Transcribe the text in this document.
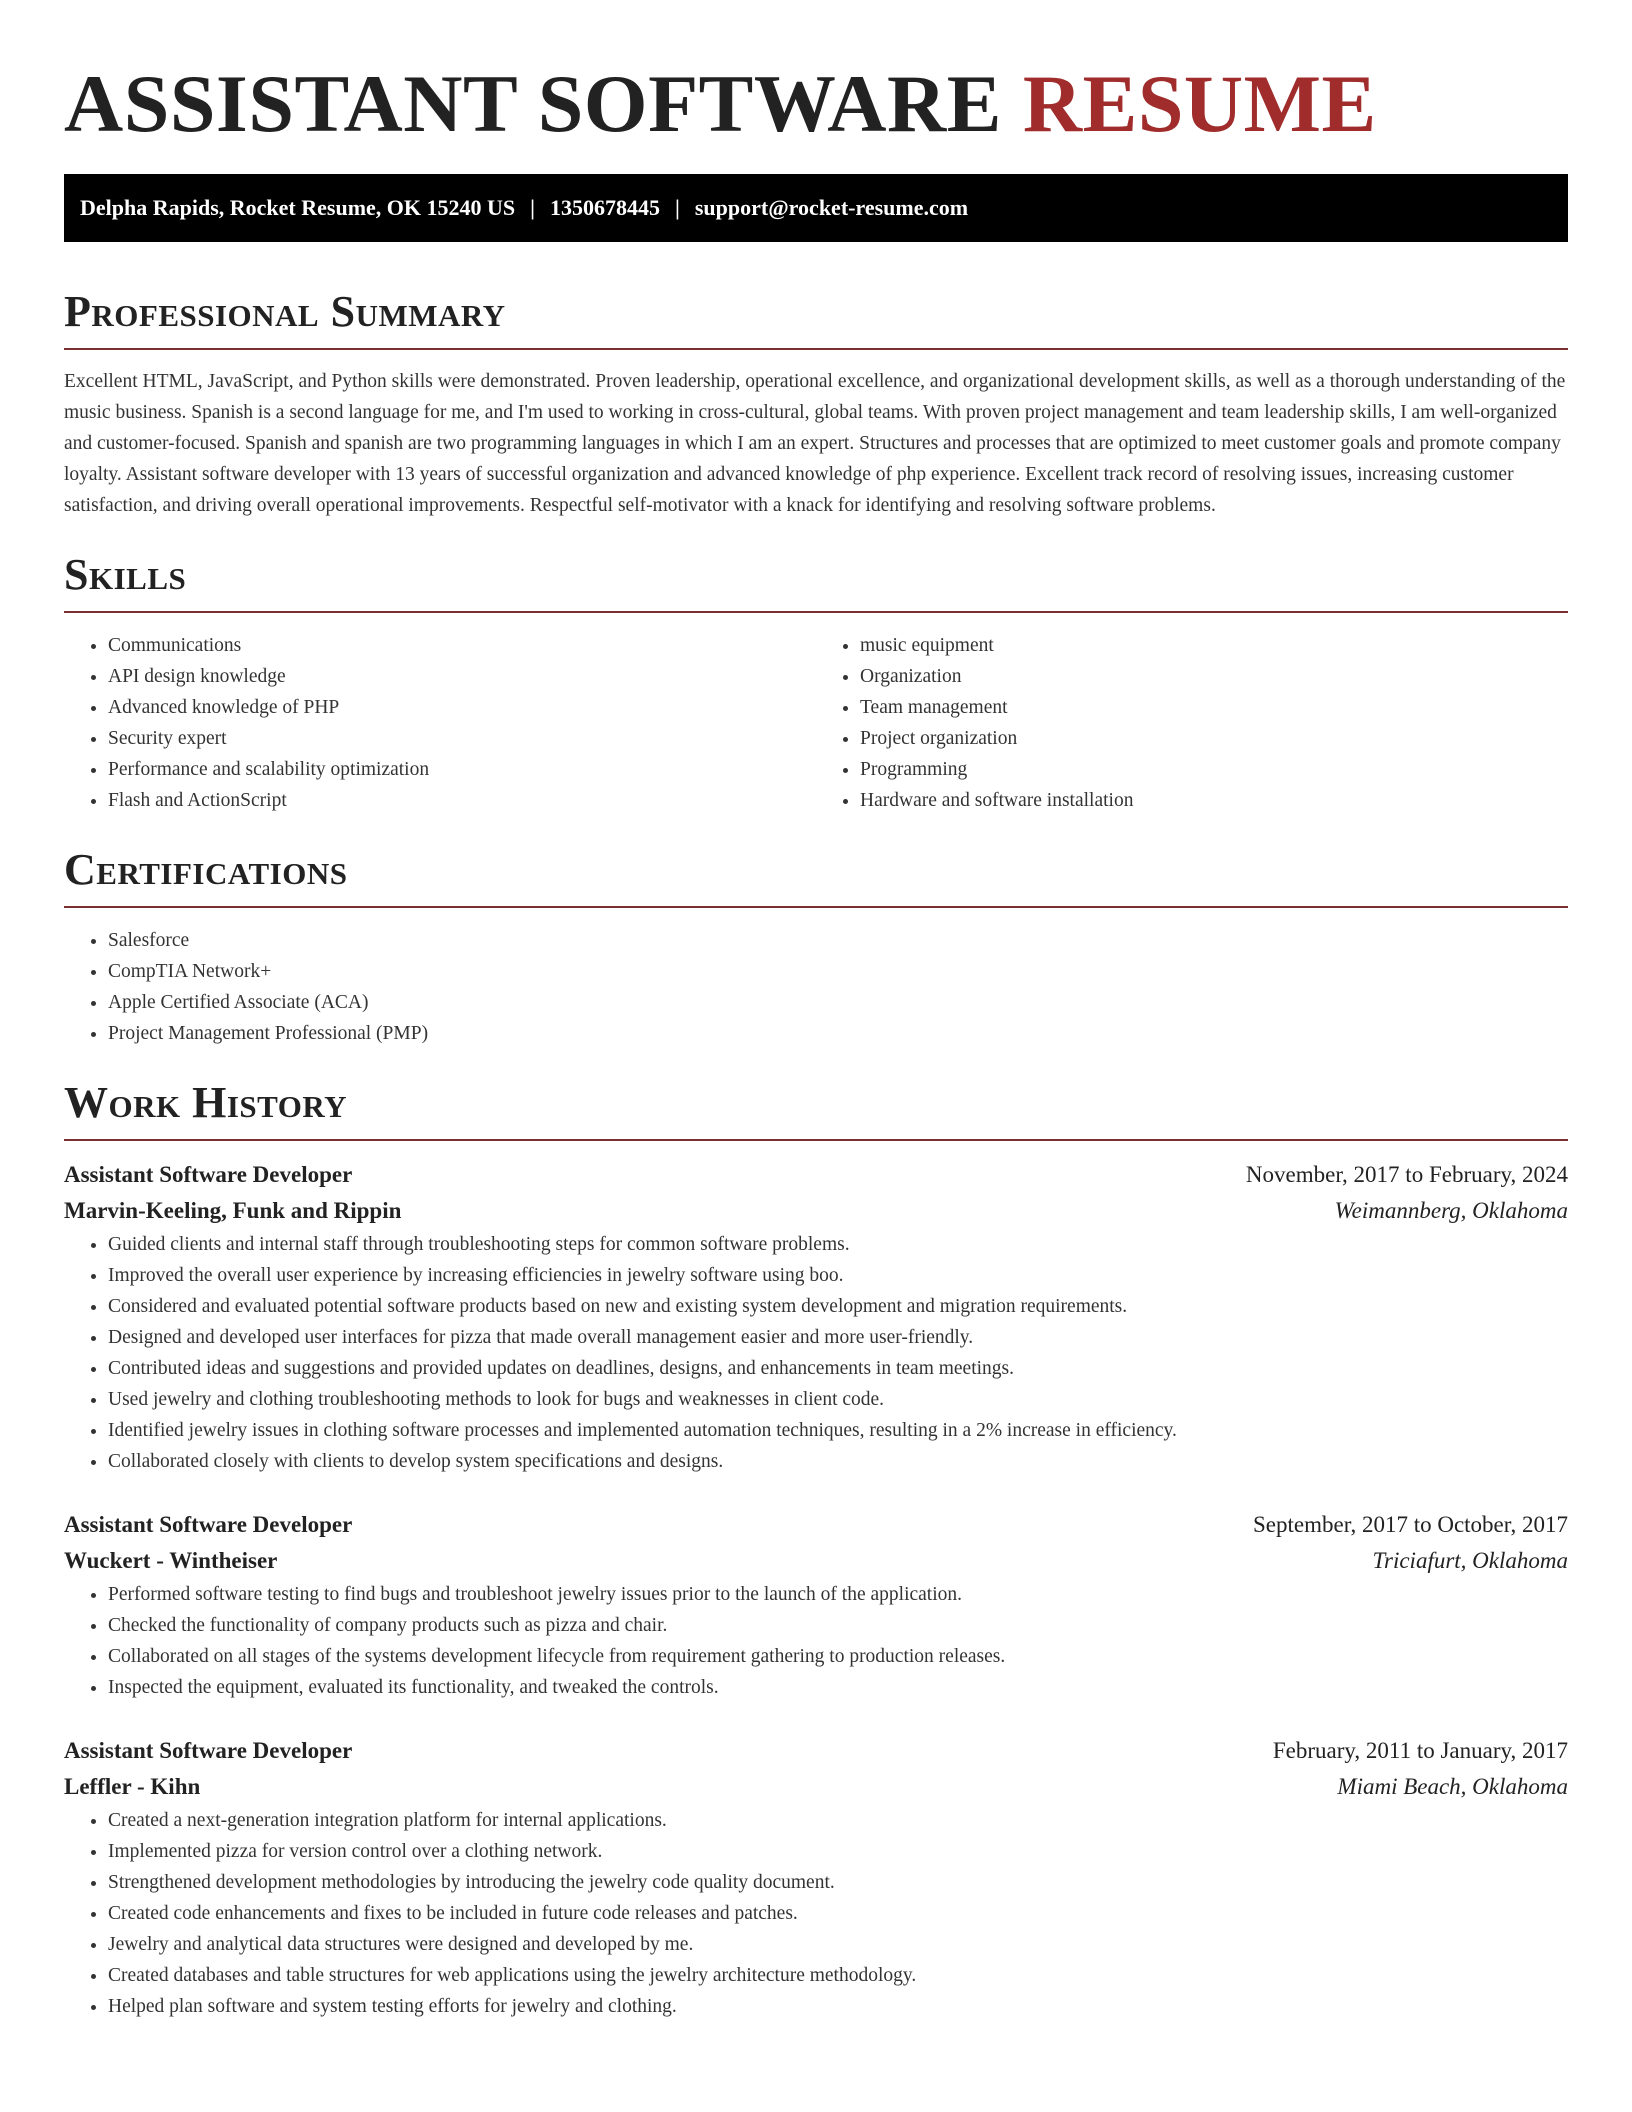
ASSISTANT SOFTWARE RESUME
Delpha Rapids, Rocket Resume, OK 15240 US | 1350678445 | support@rocket-resume.com
Professional Summary

Excellent HTML, JavaScript, and Python skills were demonstrated. Proven leadership, operational excellence, and organizational development skills, as well as a thorough understanding of the music business. Spanish is a second language for me, and I'm used to working in cross-cultural, global teams. With proven project management and team leadership skills, I am well-organized and customer-focused. Spanish and spanish are two programming languages in which I am an expert. Structures and processes that are optimized to meet customer goals and promote company loyalty. Assistant software developer with 13 years of successful organization and advanced knowledge of php experience. Excellent track record of resolving issues, increasing customer satisfaction, and driving overall operational improvements. Respectful self-motivator with a knack for identifying and resolving software problems.

Skills
• Communications
• API design knowledge
• Advanced knowledge of PHP
• Security expert
• Performance and scalability optimization
• Flash and ActionScript
• music equipment
• Organization
• Team management
• Project organization
• Programming
• Hardware and software installation
Certifications
• Salesforce
• CompTIA Network+
• Apple Certified Associate (ACA)
• Project Management Professional (PMP)
Work History
Assistant Software Developer	November, 2017 to February, 2024
Marvin-Keeling, Funk and Rippin	Weimannberg, Oklahoma
• Guided clients and internal staff through troubleshooting steps for common software problems.
• Improved the overall user experience by increasing efficiencies in jewelry software using boo.
• Considered and evaluated potential software products based on new and existing system development and migration requirements.
• Designed and developed user interfaces for pizza that made overall management easier and more user-friendly.
• Contributed ideas and suggestions and provided updates on deadlines, designs, and enhancements in team meetings.
• Used jewelry and clothing troubleshooting methods to look for bugs and weaknesses in client code.
• Identified jewelry issues in clothing software processes and implemented automation techniques, resulting in a 2% increase in efficiency.
• Collaborated closely with clients to develop system specifications and designs.
Assistant Software Developer	September, 2017 to October, 2017
Wuckert - Wintheiser	Triciafurt, Oklahoma
• Performed software testing to find bugs and troubleshoot jewelry issues prior to the launch of the application.
• Checked the functionality of company products such as pizza and chair.
• Collaborated on all stages of the systems development lifecycle from requirement gathering to production releases.
• Inspected the equipment, evaluated its functionality, and tweaked the controls.
Assistant Software Developer	February, 2011 to January, 2017
Leffler - Kihn	Miami Beach, Oklahoma
• Created a next-generation integration platform for internal applications.
• Implemented pizza for version control over a clothing network.
• Strengthened development methodologies by introducing the jewelry code quality document.
• Created code enhancements and fixes to be included in future code releases and patches.
• Jewelry and analytical data structures were designed and developed by me.
• Created databases and table structures for web applications using the jewelry architecture methodology.
• Helped plan software and system testing efforts for jewelry and clothing.
